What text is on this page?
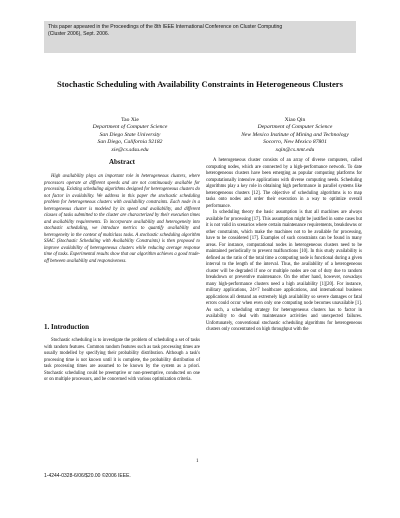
This paper appeared in the Proceedings of the 8th IEEE International Conference on Cluster Computing
(Cluster 2006), Sept. 2006.
Stochastic Scheduling with Availability Constraints in Heterogeneous Clusters
Tao Xie
Department of Computer Science
San Diego State University
San Diego, California 92182
xie@cs.sdsu.edu
Xiao Qin
Department of Computer Science
New Mexico Institute of Mining and Technology
Socorro, New Mexico 87801
xqin@cs.nmt.edu
Abstract

High availability plays an important role in heterogeneous clusters, where processors operate at different speeds and are not continuously available for processing. Existing scheduling algorithms designed for heterogeneous clusters do not factor in availability. We address in this paper the stochastic scheduling problem for heterogeneous clusters with availability constraints. Each node in a heterogeneous cluster is modeled by its speed and availability, and different classes of tasks submitted to the cluster are characterized by their execution times and availability requirements. To incorporate availability and heterogeneity into stochastic scheduling, we introduce metrics to quantify availability and heterogeneity in the context of multiclass tasks. A stochastic scheduling algorithm SSAC (Stochastic Scheduling with Availability Constraints) is then proposed to improve availability of heterogeneous clusters while reducing average response time of tasks. Experimental results show that our algorithm achieves a good trade-off between availability and responsiveness.

1. Introduction

Stochastic scheduling is to investigate the problem of scheduling a set of tasks with random features. Common random features such as task processing times are usually modelled by specifying their probability distribution. Although a task's processing time is not known until it is complete, the probability distribution of task processing times are assumed to be known by the system as a priori. Stochastic scheduling could be preemptive or non-preemptive, conducted on one or on multiple processors, and be concerned with various optimization criteria.

A heterogeneous cluster consists of an array of diverse computers, called computing nodes, which are connected by a high-performance network. To date heterogeneous clusters have been emerging as popular computing platforms for computationally intensive applications with diverse computing needs. Scheduling algorithms play a key role in obtaining high performance in parallel systems like heterogeneous clusters [12]. The objective of scheduling algorithms is to map tasks onto nodes and order their execution in a way to optimize overall performance.

In scheduling theory the basic assumption is that all machines are always available for processing [17]. This assumption might be justified in some cases but it is not valid in scenarios where certain maintenance requirements, breakdowns or other constraints, which make the machines not to be available for processing, have to be considered [17]. Examples of such constraints can be found in many areas. For instance, computational nodes in heterogeneous clusters need to be maintained periodically to prevent malfunctions [10]. In this study availability is defined as the ratio of the total time a computing node is functional during a given interval to the length of the interval. Thus, the availability of a heterogeneous cluster will be degraded if one or multiple nodes are out of duty due to random breakdown or preventive maintenance. On the other hand, however, nowadays many high-performance clusters need a high availability [1][20]. For instance, military applications, 24×7 healthcare applications, and international business applications all demand an extremely high availability so severe damages or fatal errors could occur when even only one computing node becomes unavailable [1]. As such, a scheduling strategy for heterogeneous clusters has to factor in availability to deal with maintenance activities and unexpected failures. Unfortunately, conventional stochastic scheduling algorithms for heterogeneous clusters only concentrated on high throughput with the

1
1-4244-0328-6/06/$20.00 ©2006 IEEE.
